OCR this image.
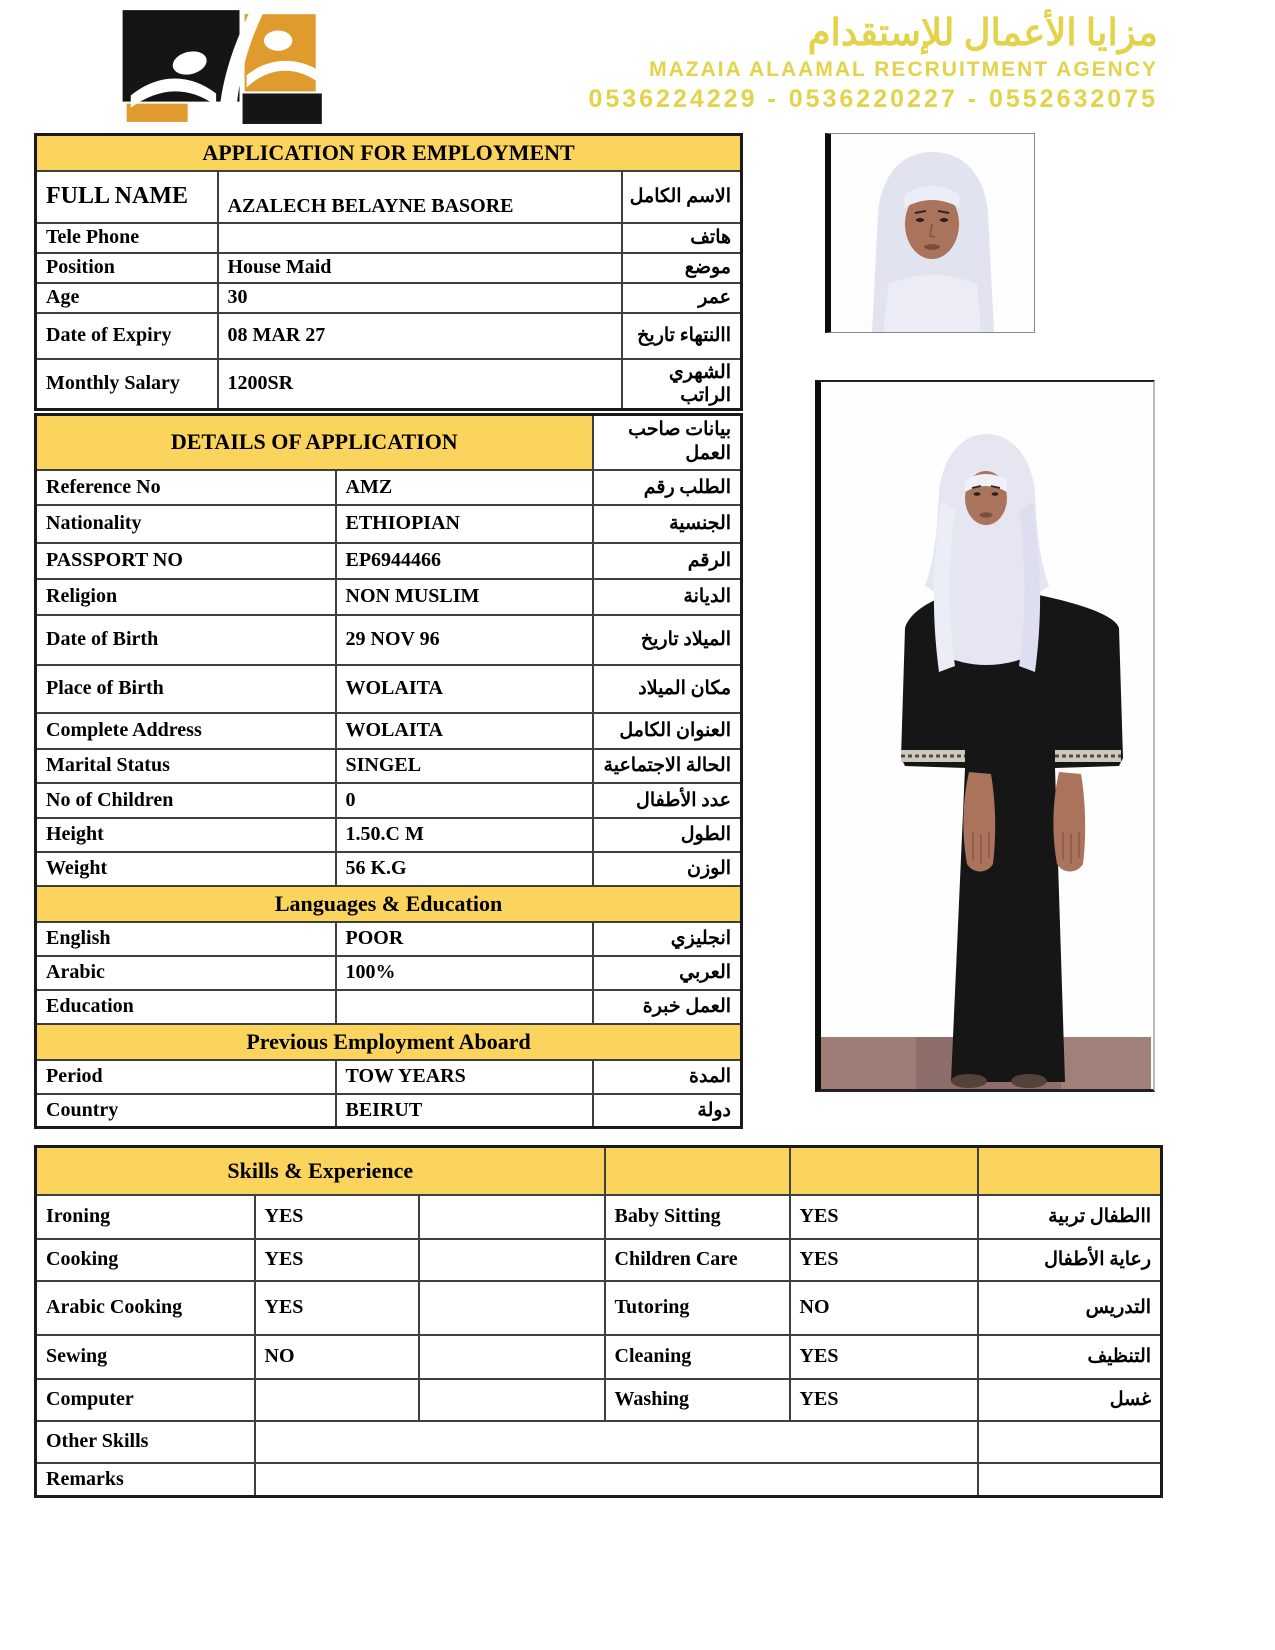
مزايا الأعمال للإستقدام
MAZAIA ALAAMAL RECRUITMENT AGENCY
0536224229 - 0536220227 - 0552632075
APPLICATION FOR EMPLOYMENT		
FULL NAME	AZALECH BELAYNE BASORE	الاسم الكامل
Tele Phone		هاتف
Position	House Maid	موضع
Age	30	عمر
Date of Expiry	08 MAR 27	االنتهاء تاريخ
Monthly Salary	1200SR	الشهري الراتب
DETAILS OF APPLICATION		بيانات صاحب العمل
Reference No	AMZ	الطلب رقم
Nationality	ETHIOPIAN	الجنسية
PASSPORT NO	EP6944466	الرقم
Religion	NON MUSLIM	الديانة
Date of Birth	29 NOV 96	الميلاد تاريخ
Place of Birth	WOLAITA	مكان الميلاد
Complete Address	WOLAITA	العنوان الكامل
Marital Status	SINGEL	الحالة الاجتماعية
No of Children	0	عدد الأطفال
Height	1.50.C M	الطول
Weight	56 K.G	الوزن
Languages & Education		
English	POOR	انجليزي
Arabic	100%	العربي
Education		العمل خبرة
Previous Employment Aboard		
Period	TOW YEARS	المدة
Country	BEIRUT	دولة
Skills & Experience					
Ironing	YES		Baby Sitting	YES	االطفال تربية
Cooking	YES		Children Care	YES	رعاية الأطفال
Arabic Cooking	YES		Tutoring	NO	التدريس
Sewing	NO		Cleaning	YES	التنظيف
Computer			Washing	YES	غسل
Other Skills					
Remarks					
